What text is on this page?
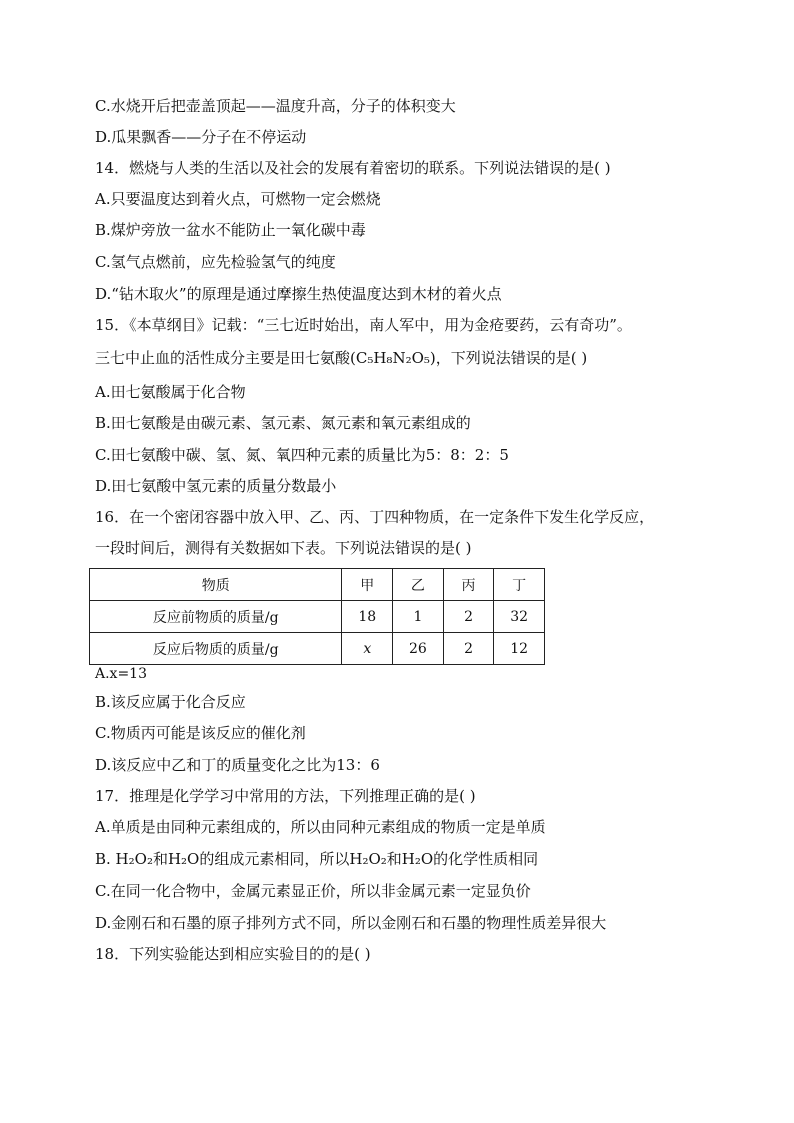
C.水烧开后把壶盖顶起——温度升高，分子的体积变大
D.瓜果飘香——分子在不停运动
14．燃烧与人类的生活以及社会的发展有着密切的联系。下列说法错误的是( )
A.只要温度达到着火点，可燃物一定会燃烧
B.煤炉旁放一盆水不能防止一氧化碳中毒
C.氢气点燃前，应先检验氢气的纯度
D.“钻木取火”的原理是通过摩擦生热使温度达到木材的着火点
15．《本草纲目》记载：“三七近时始出，南人军中，用为金疮要药，云有奇功”。
三七中止血的活性成分主要是田七氨酸(C₅H₈N₂O₅)，下列说法错误的是( )
A.田七氨酸属于化合物
B.田七氨酸是由碳元素、氢元素、氮元素和氧元素组成的
C.田七氨酸中碳、氢、氮、氧四种元素的质量比为5：8：2：5
D.田七氨酸中氢元素的质量分数最小
16．在一个密闭容器中放入甲、乙、丙、丁四种物质，在一定条件下发生化学反应，
一段时间后，测得有关数据如下表。下列说法错误的是( )
物质	甲	乙	丙	丁
反应前物质的质量/g	18	1	2	32
反应后物质的质量/g	x	26	2	12
A.x=13
B.该反应属于化合反应
C.物质丙可能是该反应的催化剂
D.该反应中乙和丁的质量变化之比为13：6
17．推理是化学学习中常用的方法，下列推理正确的是( )
A.单质是由同种元素组成的，所以由同种元素组成的物质一定是单质
B. H₂O₂和H₂O的组成元素相同，所以H₂O₂和H₂O的化学性质相同
C.在同一化合物中，金属元素显正价，所以非金属元素一定显负价
D.金刚石和石墨的原子排列方式不同，所以金刚石和石墨的物理性质差异很大
18．下列实验能达到相应实验目的的是( )
